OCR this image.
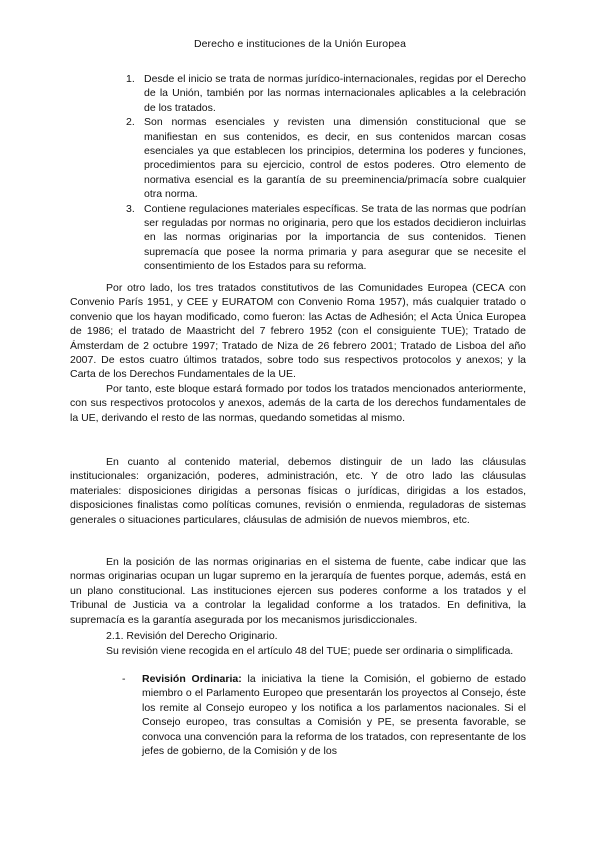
Derecho e instituciones de la Unión Europea

1. Desde el inicio se trata de normas jurídico-internacionales, regidas por el Derecho de la Unión, también por las normas internacionales aplicables a la celebración de los tratados.

2. Son normas esenciales y revisten una dimensión constitucional que se manifiestan en sus contenidos, es decir, en sus contenidos marcan cosas esenciales ya que establecen los principios, determina los poderes y funciones, procedimientos para su ejercicio, control de estos poderes. Otro elemento de normativa esencial es la garantía de su preeminencia/primacía sobre cualquier otra norma.

3. Contiene regulaciones materiales específicas. Se trata de las normas que podrían ser reguladas por normas no originaria, pero que los estados decidieron incluirlas en las normas originarias por la importancia de sus contenidos. Tienen supremacía que posee la norma primaria y para asegurar que se necesite el consentimiento de los Estados para su reforma.

Por otro lado, los tres tratados constitutivos de las Comunidades Europea (CECA con Convenio París 1951, y CEE y EURATOM con Convenio Roma 1957), más cualquier tratado o convenio que los hayan modificado, como fueron: las Actas de Adhesión; el Acta Única Europea de 1986; el tratado de Maastricht del 7 febrero 1952 (con el consiguiente TUE); Tratado de Ámsterdam de 2 octubre 1997; Tratado de Niza de 26 febrero 2001; Tratado de Lisboa del año 2007. De estos cuatro últimos tratados, sobre todo sus respectivos protocolos y anexos; y la Carta de los Derechos Fundamentales de la UE.

Por tanto, este bloque estará formado por todos los tratados mencionados anteriormente, con sus respectivos protocolos y anexos, además de la carta de los derechos fundamentales de la UE, derivando el resto de las normas, quedando sometidas al mismo.

En cuanto al contenido material, debemos distinguir de un lado las cláusulas institucionales: organización, poderes, administración, etc. Y de otro lado las cláusulas materiales: disposiciones dirigidas a personas físicas o jurídicas, dirigidas a los estados, disposiciones finalistas como políticas comunes, revisión o enmienda, reguladoras de sistemas generales o situaciones particulares, cláusulas de admisión de nuevos miembros, etc.

En la posición de las normas originarias en el sistema de fuente, cabe indicar que las normas originarias ocupan un lugar supremo en la jerarquía de fuentes porque, además, está en un plano constitucional. Las instituciones ejercen sus poderes conforme a los tratados y el Tribunal de Justicia va a controlar la legalidad conforme a los tratados. En definitiva, la supremacía es la garantía asegurada por los mecanismos jurisdiccionales.

2.1. Revisión del Derecho Originario.

Su revisión viene recogida en el artículo 48 del TUE; puede ser ordinaria o simplificada.

- Revisión Ordinaria: la iniciativa la tiene la Comisión, el gobierno de estado miembro o el Parlamento Europeo que presentarán los proyectos al Consejo, éste los remite al Consejo europeo y los notifica a los parlamentos nacionales. Si el Consejo europeo, tras consultas a Comisión y PE, se presenta favorable, se convoca una convención para la reforma de los tratados, con representante de los jefes de gobierno, de la Comisión y de los
